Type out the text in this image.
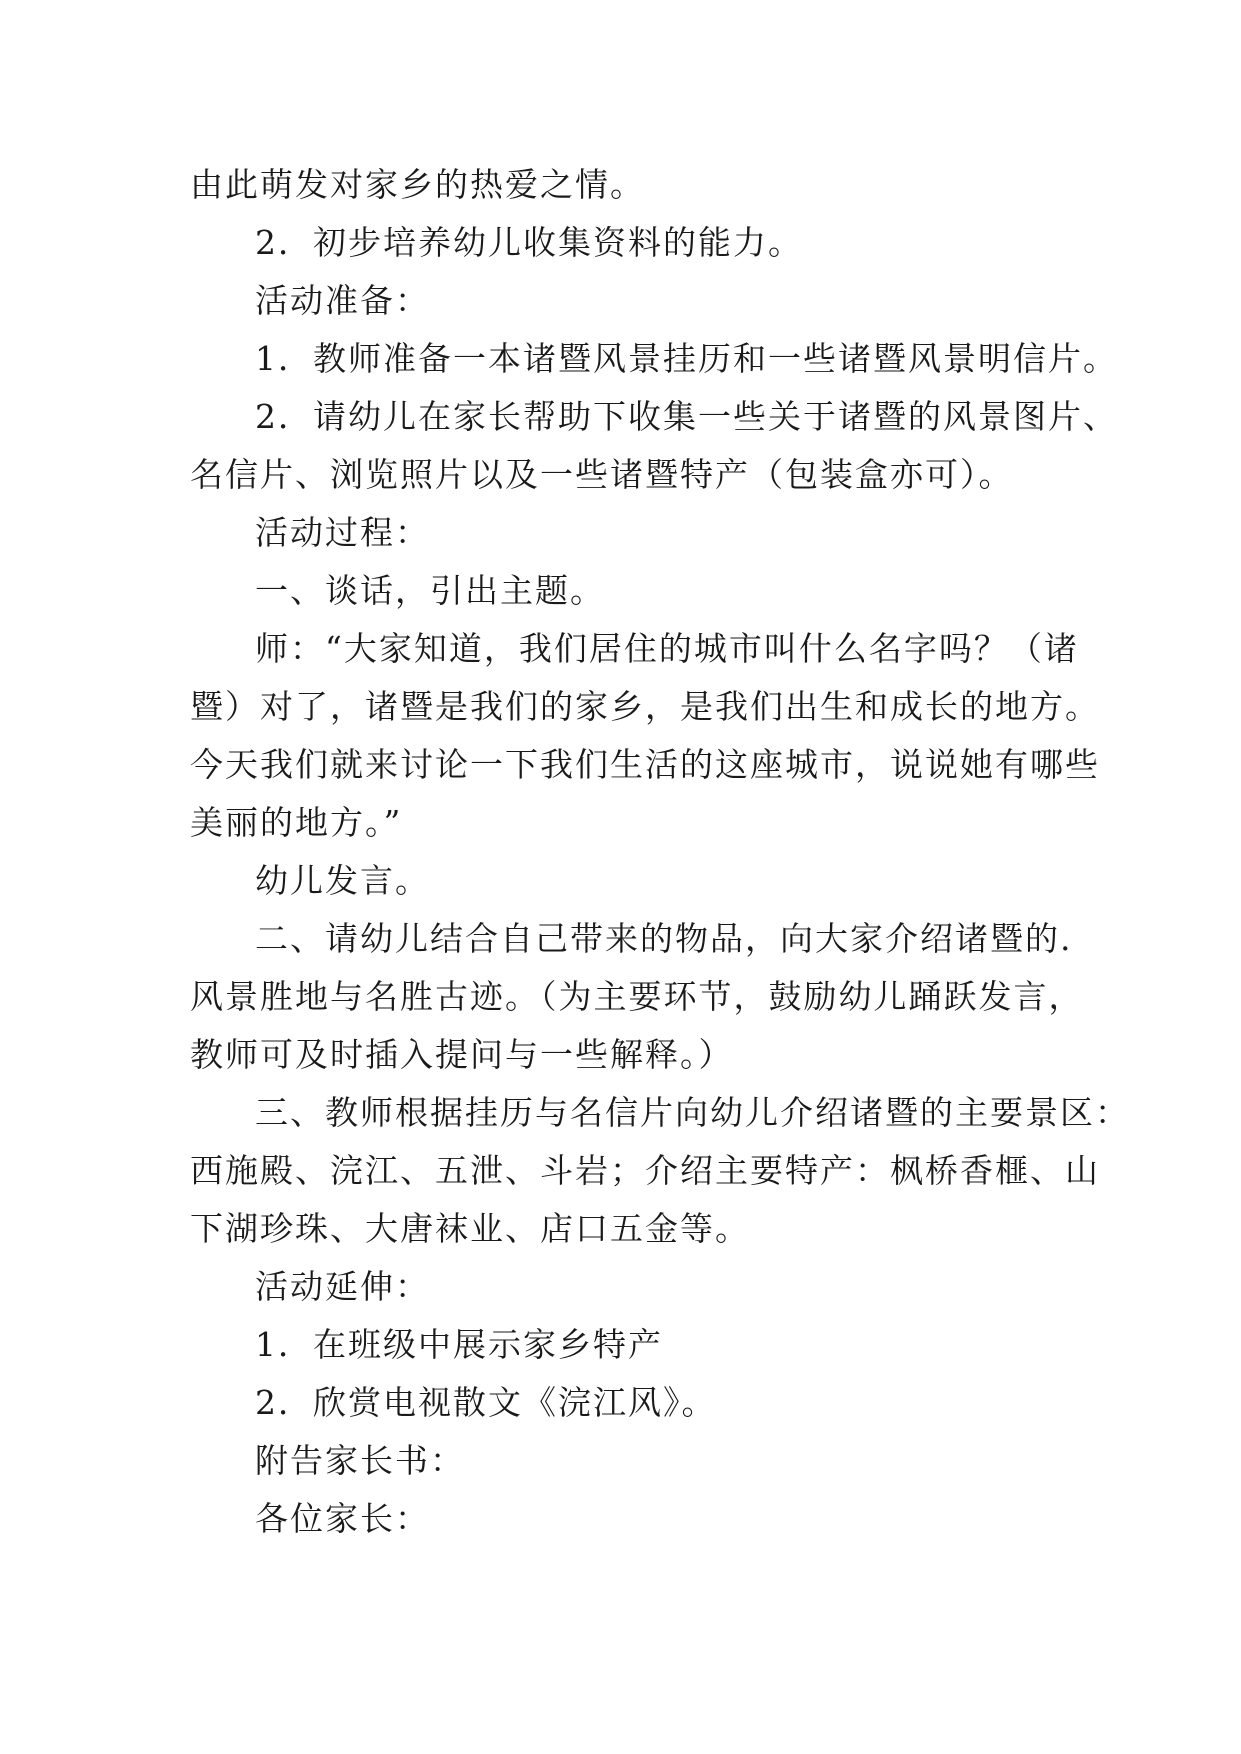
由此萌发对家乡的热爱之情。

2．初步培养幼儿收集资料的能力。

活动准备：

1．教师准备一本诸暨风景挂历和一些诸暨风景明信片。

2．请幼儿在家长帮助下收集一些关于诸暨的风景图片、

名信片、浏览照片以及一些诸暨特产（包装盒亦可）。

活动过程：

一、谈话，引出主题。

师：“大家知道，我们居住的城市叫什么名字吗？（诸

暨）对了，诸暨是我们的家乡，是我们出生和成长的地方。

今天我们就来讨论一下我们生活的这座城市，说说她有哪些

美丽的地方。”

幼儿发言。

二、请幼儿结合自己带来的物品，向大家介绍诸暨的.

风景胜地与名胜古迹。（为主要环节，鼓励幼儿踊跃发言，

教师可及时插入提问与一些解释。）

三、教师根据挂历与名信片向幼儿介绍诸暨的主要景区：

西施殿、浣江、五泄、斗岩；介绍主要特产：枫桥香榧、山

下湖珍珠、大唐袜业、店口五金等。

活动延伸：

1．在班级中展示家乡特产

2．欣赏电视散文《浣江风》。

附告家长书：

各位家长：
